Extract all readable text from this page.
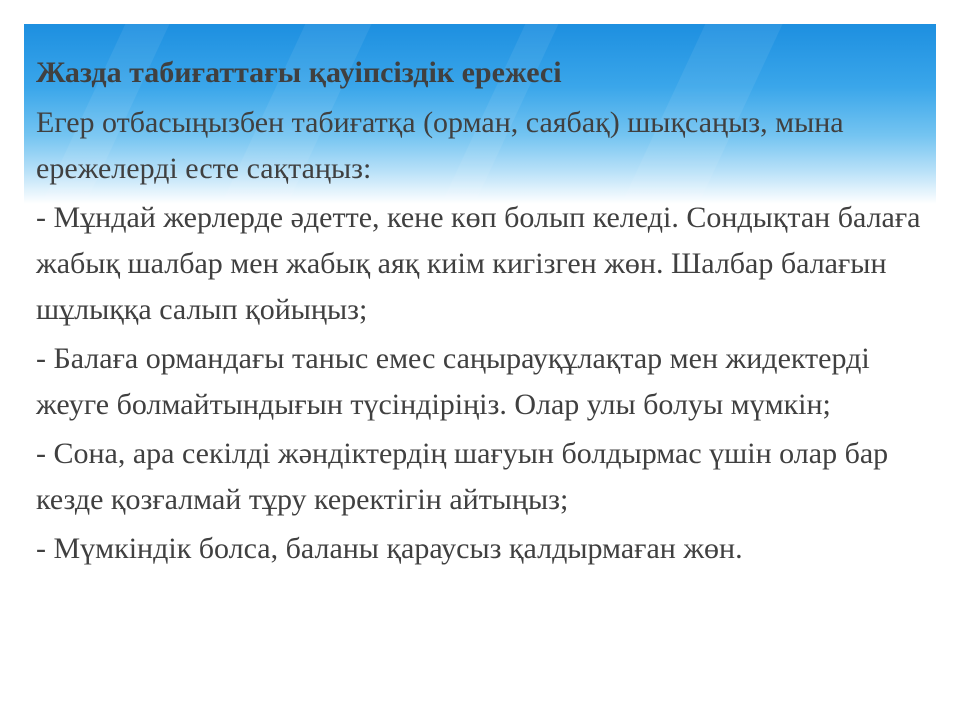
✱
Жазда табиғаттағы қауіпсіздік ережесі
Егер отбасыңызбен табиғатқа (орман, саябақ) шықсаңыз, мына ережелерді есте сақтаңыз:
- Мұндай жерлерде әдетте, кене көп болып келеді. Сондықтан балаға жабық шалбар мен жабық аяқ киім кигізген жөн. Шалбар балағын шұлыққа салып қойыңыз;
- Балаға ормандағы таныс емес саңырауқұлақтар мен жидектерді жеуге болмайтындығын түсіндіріңіз. Олар улы болуы мүмкін;
- Сона, ара секілді жәндіктердің шағуын болдырмас үшін олар бар кезде қозғалмай тұру керектігін айтыңыз;
- Мүмкіндік болса, баланы қараусыз қалдырмаған жөн.
